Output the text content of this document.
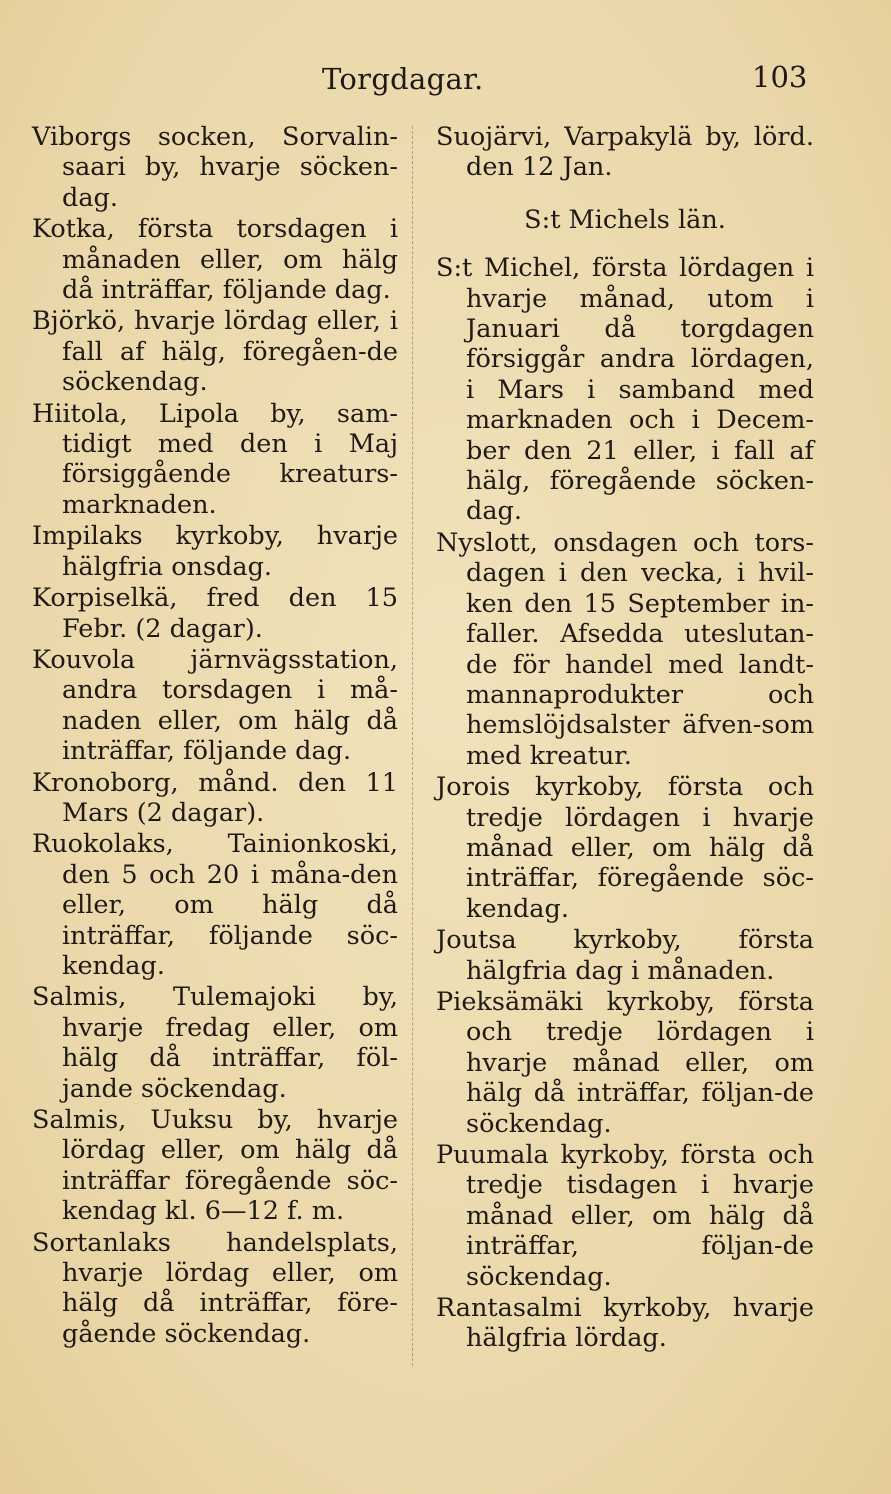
Torgdagar.	103

Viborgs socken, Sorvalin-saari by, hvarje söcken-dag.

Kotka, första torsdagen i månaden eller, om hälg då inträffar, följande dag.

Björkö, hvarje lördag eller, i fall af hälg, föregåen-de söckendag.

Hiitola, Lipola by, sam-tidigt med den i Maj försiggående kreaturs-marknaden.

Impilaks kyrkoby, hvarje hälgfria onsdag.

Korpiselkä, fred den 15 Febr. (2 dagar).

Kouvola järnvägsstation, andra torsdagen i må-naden eller, om hälg då inträffar, följande dag.

Kronoborg, månd. den 11 Mars (2 dagar).

Ruokolaks, Tainionkoski, den 5 och 20 i måna-den eller, om hälg då inträffar, följande söc-kendag.

Salmis, Tulemajoki by, hvarje fredag eller, om hälg då inträffar, föl-jande söckendag.

Salmis, Uuksu by, hvarje lördag eller, om hälg då inträffar föregående söc-kendag kl. 6—12 f. m.

Sortanlaks handelsplats, hvarje lördag eller, om hälg då inträffar, före-gående söckendag.

Suojärvi, Varpakylä by, lörd. den 12 Jan.

S:t Michels län.

S:t Michel, första lördagen i hvarje månad, utom i Januari då torgdagen försiggår andra lördagen, i Mars i samband med marknaden och i Decem-ber den 21 eller, i fall af hälg, föregående söcken-dag.

Nyslott, onsdagen och tors-dagen i den vecka, i hvil-ken den 15 September in-faller. Afsedda uteslutan-de för handel med landt-mannaprodukter och hemslöjdsalster äfven-som med kreatur.

Jorois kyrkoby, första och tredje lördagen i hvarje månad eller, om hälg då inträffar, föregående söc-kendag.

Joutsa kyrkoby, första hälgfria dag i månaden.

Pieksämäki kyrkoby, första och tredje lördagen i hvarje månad eller, om hälg då inträffar, följan-de söckendag.

Puumala kyrkoby, första och tredje tisdagen i hvarje månad eller, om hälg då inträffar, följan-de söckendag.

Rantasalmi kyrkoby, hvarje hälgfria lördag.
